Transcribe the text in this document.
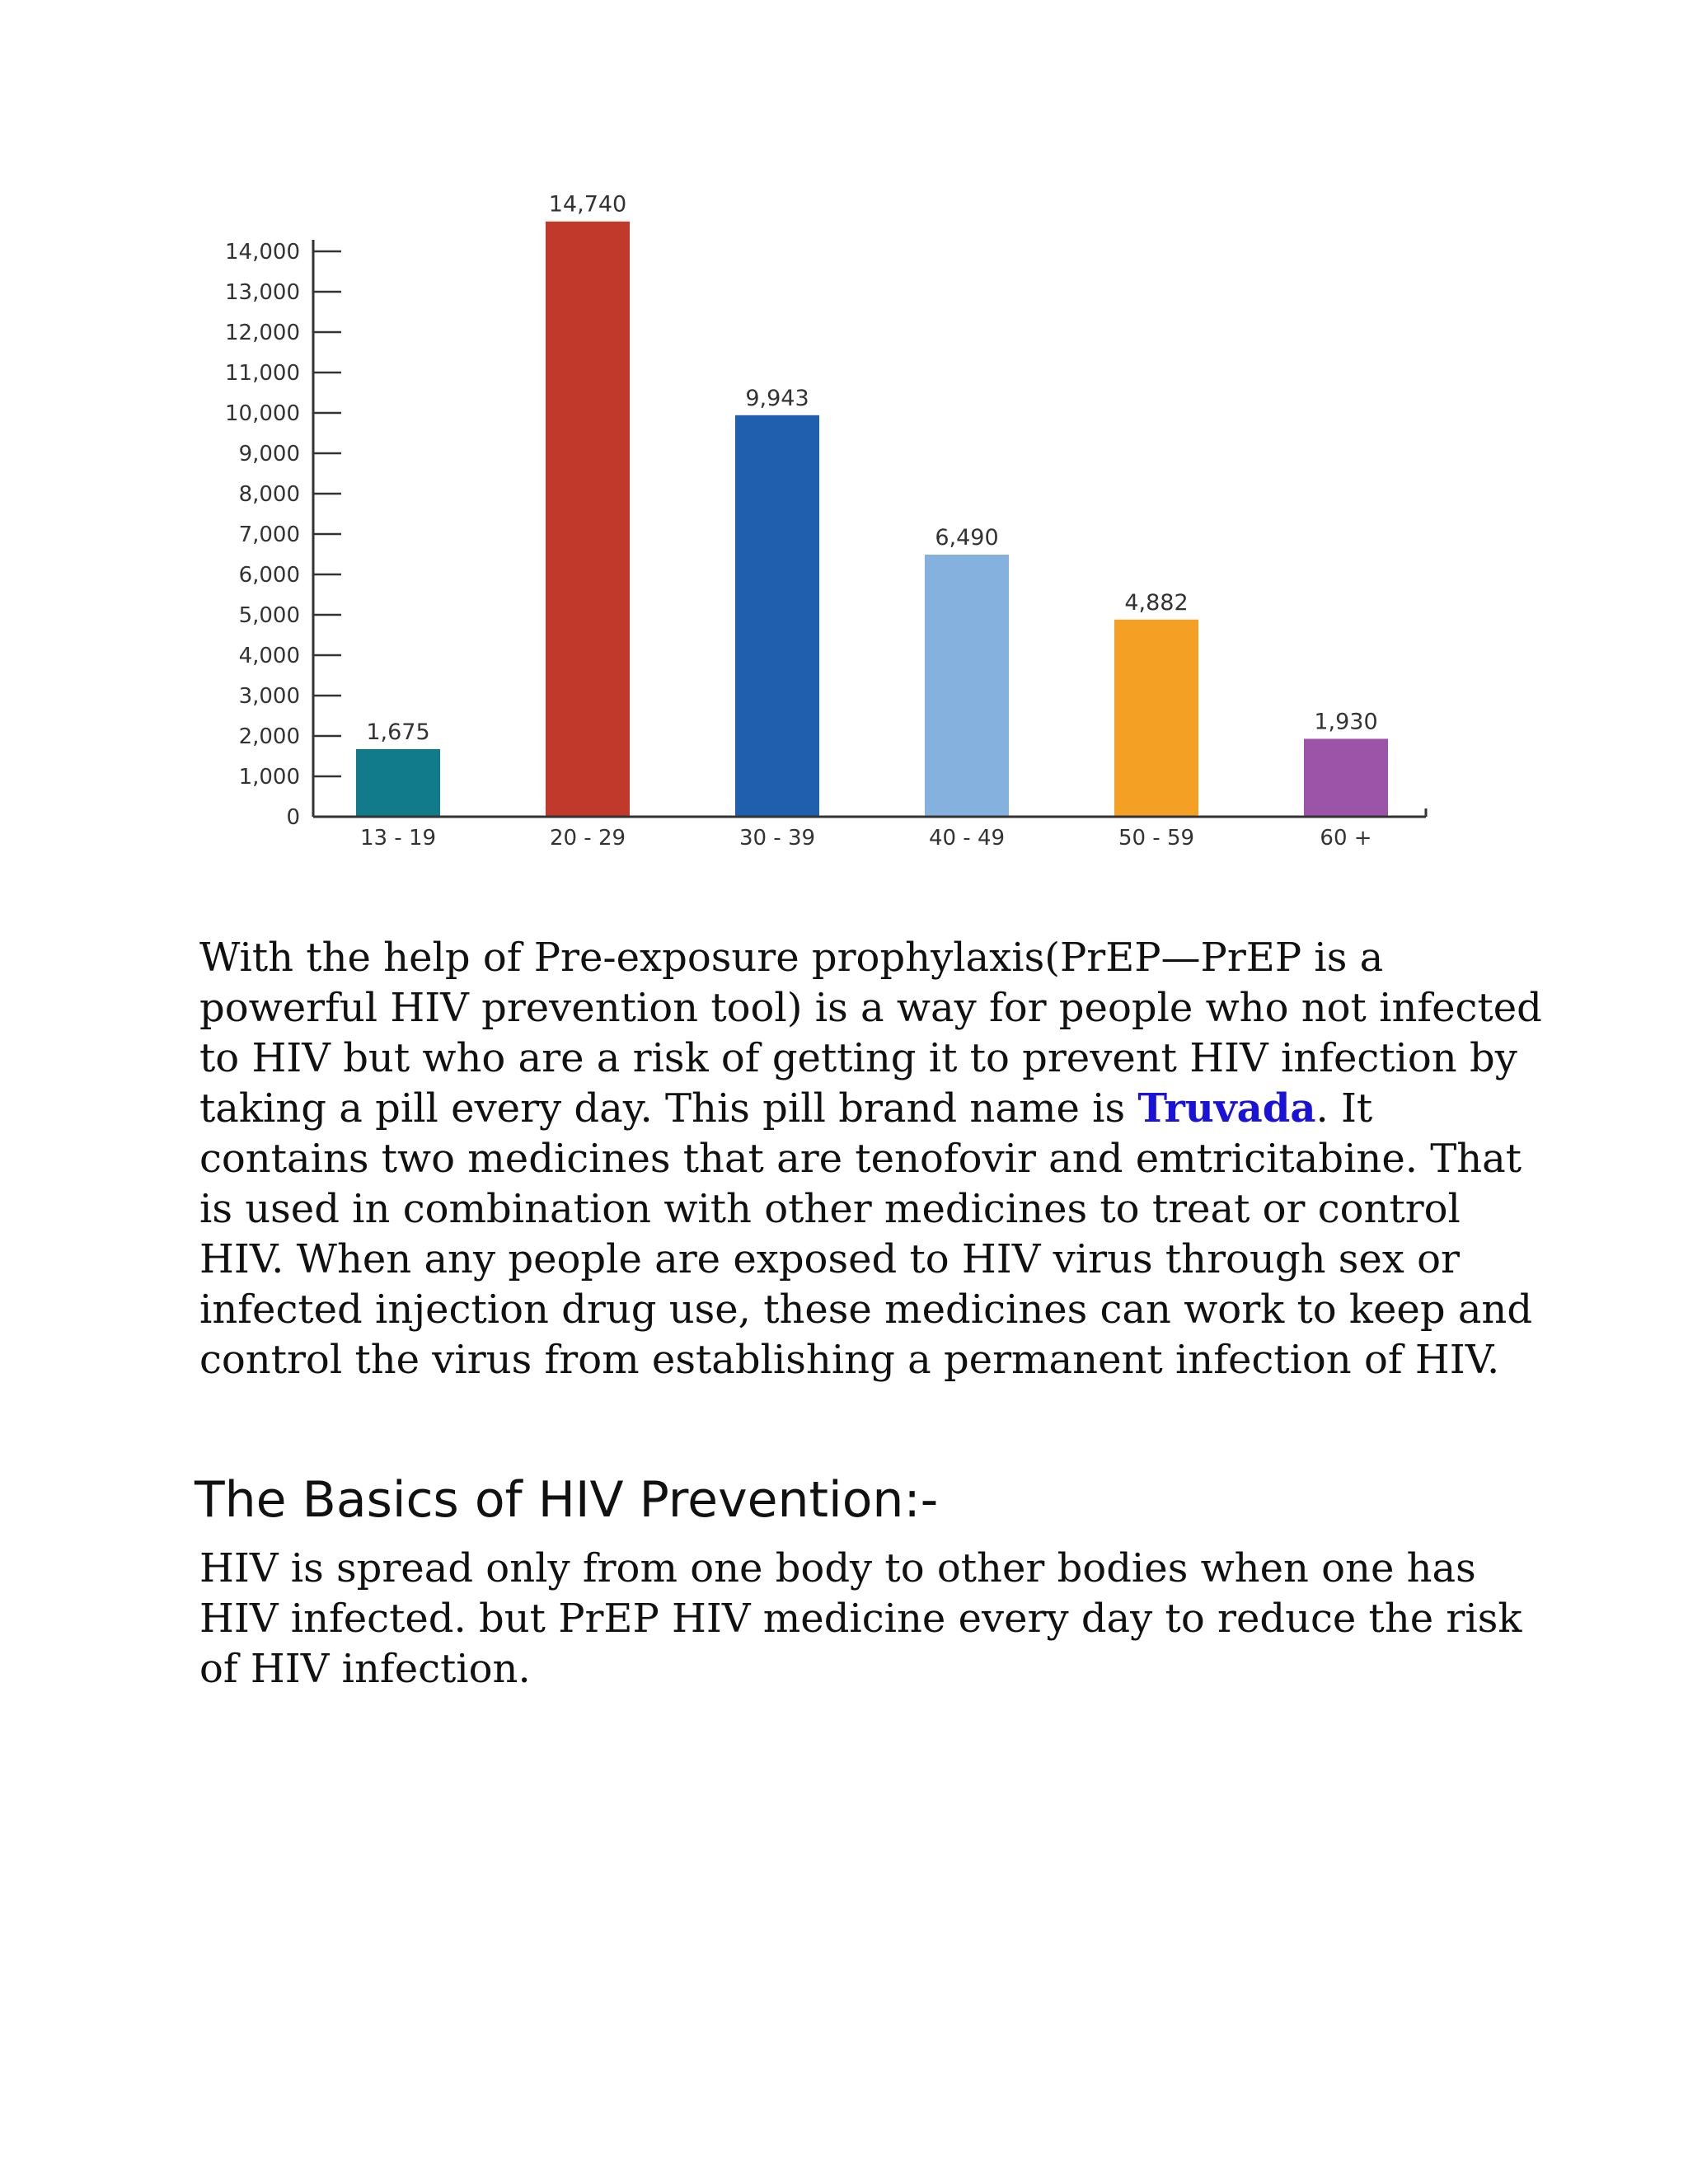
0
1,000
2,000
3,000
4,000
5,000
6,000
7,000
8,000
9,000
10,000
11,000
12,000
13,000
14,000
1,675
14,740
9,943
6,490
4,882
1,930
13 - 19	20 - 29	30 - 39	40 - 49	50 - 59	60 +

With the help of Pre-exposure prophylaxis(PrEP—PrEP is a powerful HIV prevention tool) is a way for people who not infected to HIV but who are a risk of getting it to prevent HIV infection by taking a pill every day. This pill brand name is Truvada. It contains two medicines that are tenofovir and emtricitabine. That is used in combination with other medicines to treat or control HIV. When any people are exposed to HIV virus through sex or infected injection drug use, these medicines can work to keep and control the virus from establishing a permanent infection of HIV.

The Basics of HIV Prevention:-

HIV is spread only from one body to other bodies when one has HIV infected. but PrEP HIV medicine every day to reduce the risk of HIV infection.
